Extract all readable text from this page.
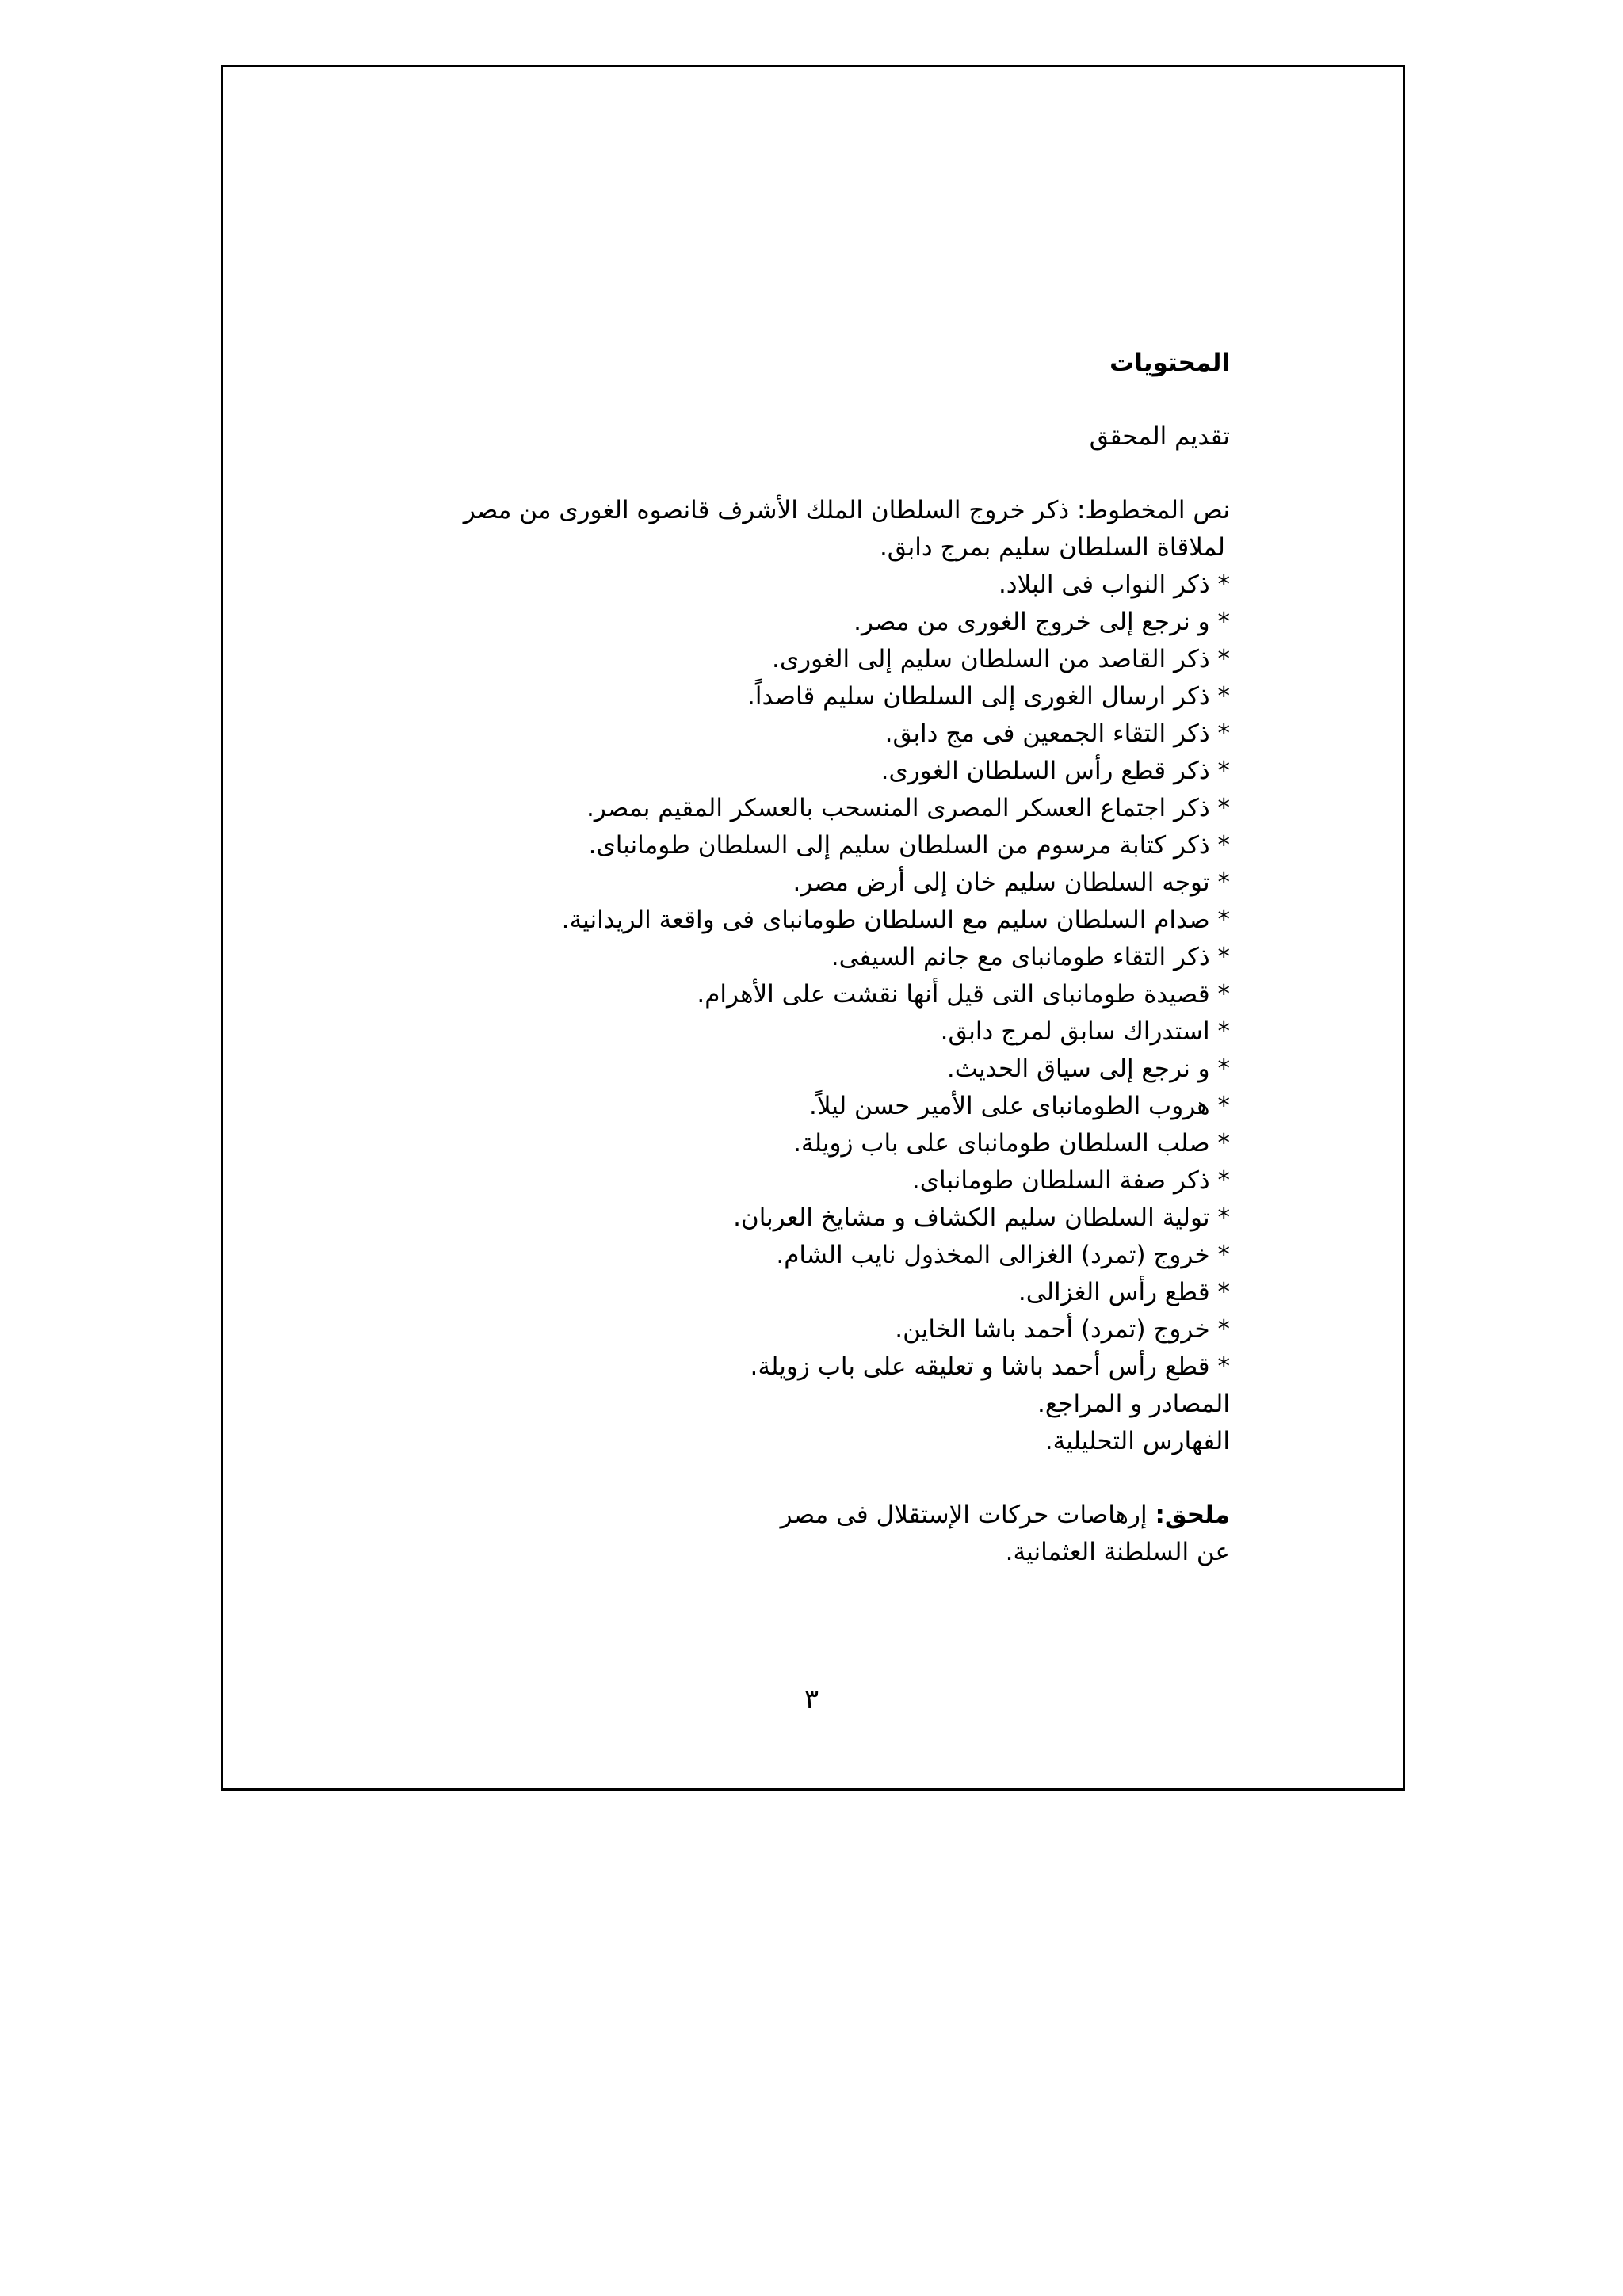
المحتويات
تقديم المحقق
نص المخطوط: ذكر خروج السلطان الملك الأشرف قانصوه الغورى من مصر
لملاقاة السلطان سليم بمرج دابق.
* ذكر النواب فى البلاد.
* و نرجع إلى خروج الغورى من مصر.
* ذكر القاصد من السلطان سليم إلى الغورى.
* ذكر ارسال الغورى إلى السلطان سليم قاصداً.
* ذكر التقاء الجمعين فى مج دابق.
* ذكر قطع رأس السلطان الغورى.
* ذكر اجتماع العسكر المصرى المنسحب بالعسكر المقيم بمصر.
* ذكر كتابة مرسوم من السلطان سليم إلى السلطان طومانباى.
* توجه السلطان سليم خان إلى أرض مصر.
* صدام السلطان سليم مع السلطان طومانباى فى واقعة الريدانية.
* ذكر التقاء طومانباى مع جانم السيفى.
* قصيدة طومانباى التى قيل أنها نقشت على الأهرام.
* استدراك سابق لمرج دابق.
* و نرجع إلى سياق الحديث.
* هروب الطومانباى على الأمير حسن ليلاً.
* صلب السلطان طومانباى على باب زويلة.
* ذكر صفة السلطان طومانباى.
* تولية السلطان سليم الكشاف و مشايخ العربان.
* خروج (تمرد) الغزالى المخذول نايب الشام.
* قطع رأس الغزالى.
* خروج (تمرد) أحمد باشا الخاين.
* قطع رأس أحمد باشا و تعليقه على باب زويلة.
المصادر و المراجع.
الفهارس التحليلية.
ملحق: إرهاصات حركات الإستقلال فى مصر
عن السلطنة العثمانية.
٣
